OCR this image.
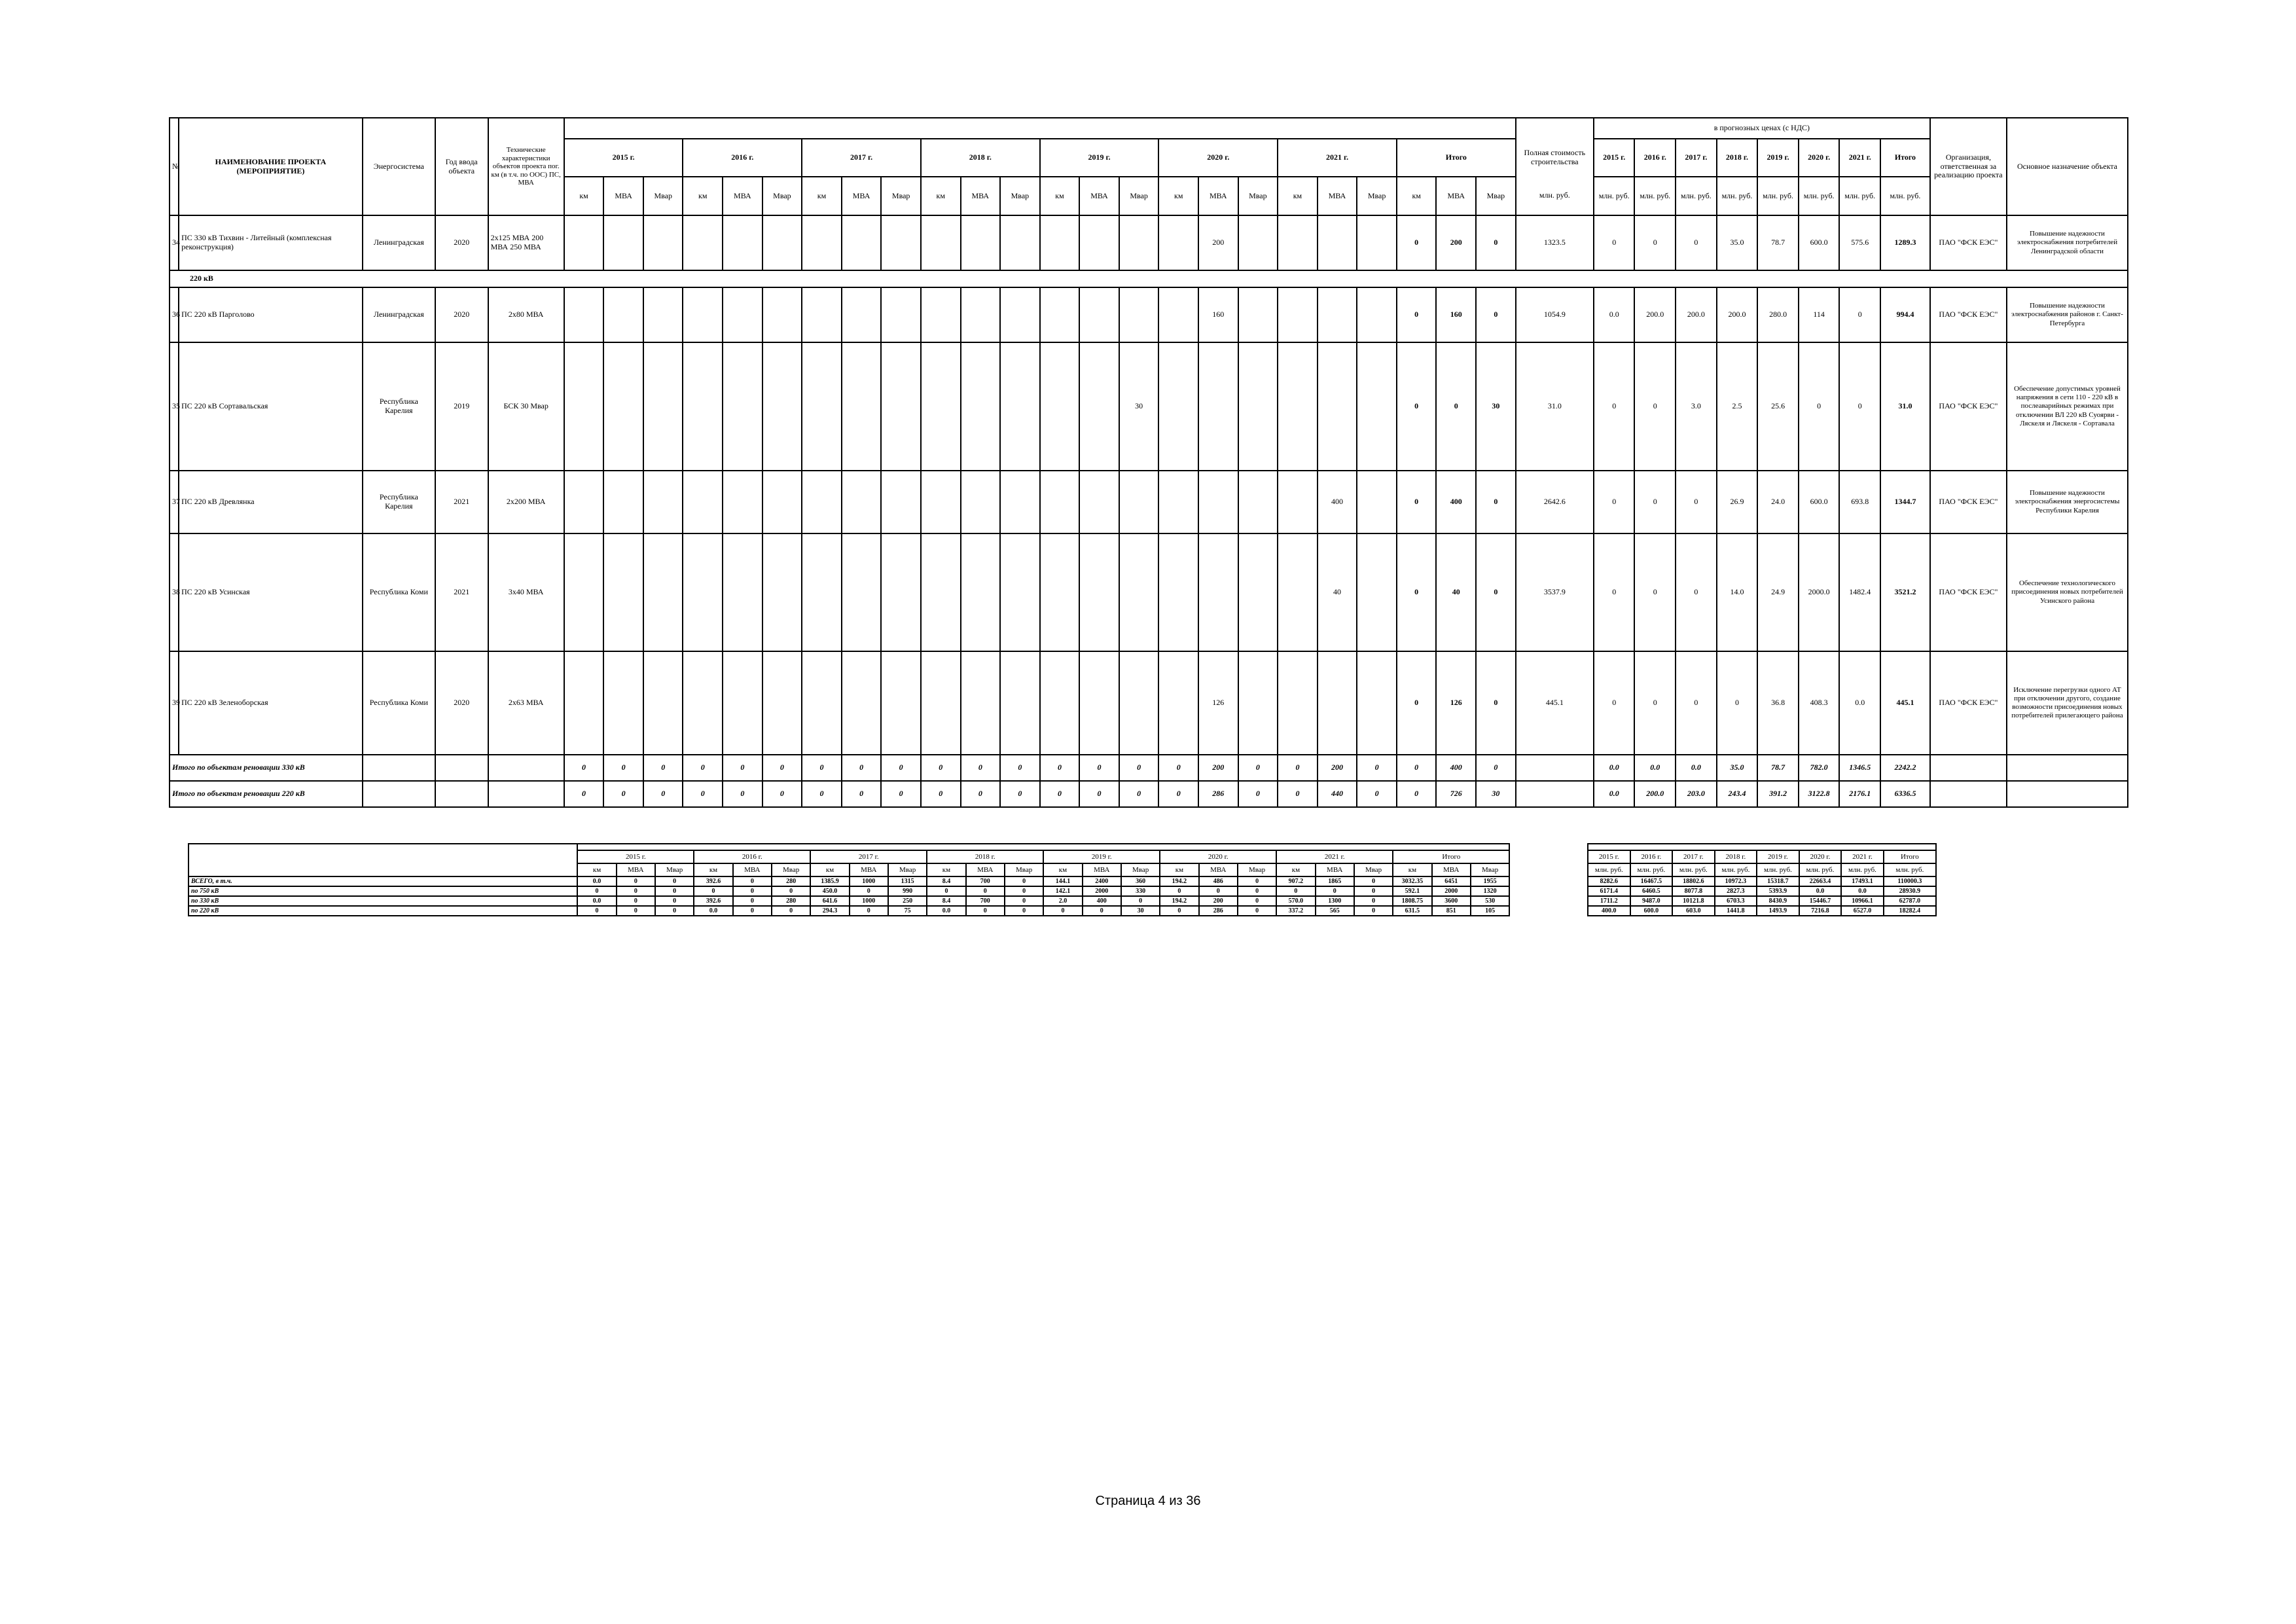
№	НАИМЕНОВАНИЕ ПРОЕКТА (МЕРОПРИЯТИЕ)	Энергосистема	Год ввода объекта	Технические характеристики объектов проекта пог. км (в т.ч. по ООС) ПС, МВА																										в прогнозных ценах (с НДС)								Организация, ответственная за реализацию проекта	Основное назначение объекта
					2015 г.			2016 г.			2017 г.			2018 г.			2019 г.			2020 г.			2021 г.			Итого			Полная стоимость строительства	2015 г.	2016 г.	2017 г.	2018 г.	2019 г.	2020 г.	2021 г.	Итого		
					км	МВА	Мвар	км	МВА	Мвар	км	МВА	Мвар	км	МВА	Мвар	км	МВА	Мвар	км	МВА	Мвар	км	МВА	Мвар	км	МВА	Мвар	млн. руб.	млн. руб.	млн. руб.	млн. руб.	млн. руб.	млн. руб.	млн. руб.	млн. руб.	млн. руб.		
34	ПС 330 кВ Тихвин - Литейный (комплексная реконструкция)	Ленинградская	2020	2х125 МВА 200 МВА 250 МВА																	200					0	200	0	1323.5	0	0	0	35.0	78.7	600.0	575.6	1289.3	ПАО "ФСК ЕЭС"	Повышение надежности электроснабжения потребителей Ленинградской области
220 кВ																																							
36	ПС 220 кВ Парголово	Ленинградская	2020	2х80 МВА																	160					0	160	0	1054.9	0.0	200.0	200.0	200.0	280.0	114	0	994.4	ПАО "ФСК ЕЭС"	Повышение надежности электроснабжения районов г. Санкт-Петербурга
35	ПС 220 кВ Сортавальская	Республика Карелия	2019	БСК 30 Мвар															30							0	0	30	31.0	0	0	3.0	2.5	25.6	0	0	31.0	ПАО "ФСК ЕЭС"	Обеспечение допустимых уровней напряжения в сети 110 - 220 кВ в послеаварийных режимах при отключении ВЛ 220 кВ Суоярви - Ляскеля и Ляскеля - Сортавала
37	ПС 220 кВ Древлянка	Республика Карелия	2021	2х200 МВА																				400		0	400	0	2642.6	0	0	0	26.9	24.0	600.0	693.8	1344.7	ПАО "ФСК ЕЭС"	Повышение надежности электроснабжения энергосистемы Республики Карелия
38	ПС 220 кВ Усинская	Республика Коми	2021	3х40 МВА																				40		0	40	0	3537.9	0	0	0	14.0	24.9	2000.0	1482.4	3521.2	ПАО "ФСК ЕЭС"	Обеспечение технологического присоединения новых потребителей Усинского района
39	ПС 220 кВ Зеленоборская	Республика Коми	2020	2х63 МВА																	126					0	126	0	445.1	0	0	0	0	36.8	408.3	0.0	445.1	ПАО "ФСК ЕЭС"	Исключение перегрузки одного АТ при отключении другого, создание возможности присоединения новых потребителей прилегающего района
Итого по объектам реновации 330 кВ					0	0	0	0	0	0	0	0	0	0	0	0	0	0	0	0	200	0	0	200	0	0	400	0		0.0	0.0	0.0	35.0	78.7	782.0	1346.5	2242.2		
Итого по объектам реновации 220 кВ					0	0	0	0	0	0	0	0	0	0	0	0	0	0	0	0	286	0	0	440	0	0	726	30		0.0	200.0	203.0	243.4	391.2	3122.8	2176.1	6336.5		

	2015 г.			2016 г.			2017 г.			2018 г.			2019 г.			2020 г.			2021 г.			Итого				2015 г.	2016 г.	2017 г.	2018 г.	2019 г.	2020 г.	2021 г.	Итого
	км	МВА	Мвар	км	МВА	Мвар	км	МВА	Мвар	км	МВА	Мвар	км	МВА	Мвар	км	МВА	Мвар	км	МВА	Мвар	км	МВА	Мвар		млн. руб.	млн. руб.	млн. руб.	млн. руб.	млн. руб.	млн. руб.	млн. руб.	млн. руб.
ВСЕГО, в т.ч.	0.0	0	0	392.6	0	280	1385.9	1000	1315	8.4	700	0	144.1	2400	360	194.2	486	0	907.2	1865	0	3032.35	6451	1955		8282.6	16467.5	18802.6	10972.3	15318.7	22663.4	17493.1	110000.3
по 750 кВ	0	0	0	0	0	0	450.0	0	990	0	0	0	142.1	2000	330	0	0	0	0	0	0	592.1	2000	1320		6171.4	6460.5	8077.8	2827.3	5393.9	0.0	0.0	28930.9
по 330 кВ	0.0	0	0	392.6	0	280	641.6	1000	250	8.4	700	0	2.0	400	0	194.2	200	0	570.0	1300	0	1808.75	3600	530		1711.2	9487.0	10121.8	6703.3	8430.9	15446.7	10966.1	62787.0
по 220 кВ	0	0	0	0.0	0	0	294.3	0	75	0.0	0	0	0	0	30	0	286	0	337.2	565	0	631.5	851	105		400.0	600.0	603.0	1441.8	1493.9	7216.8	6527.0	18282.4
Страница 4 из 36
